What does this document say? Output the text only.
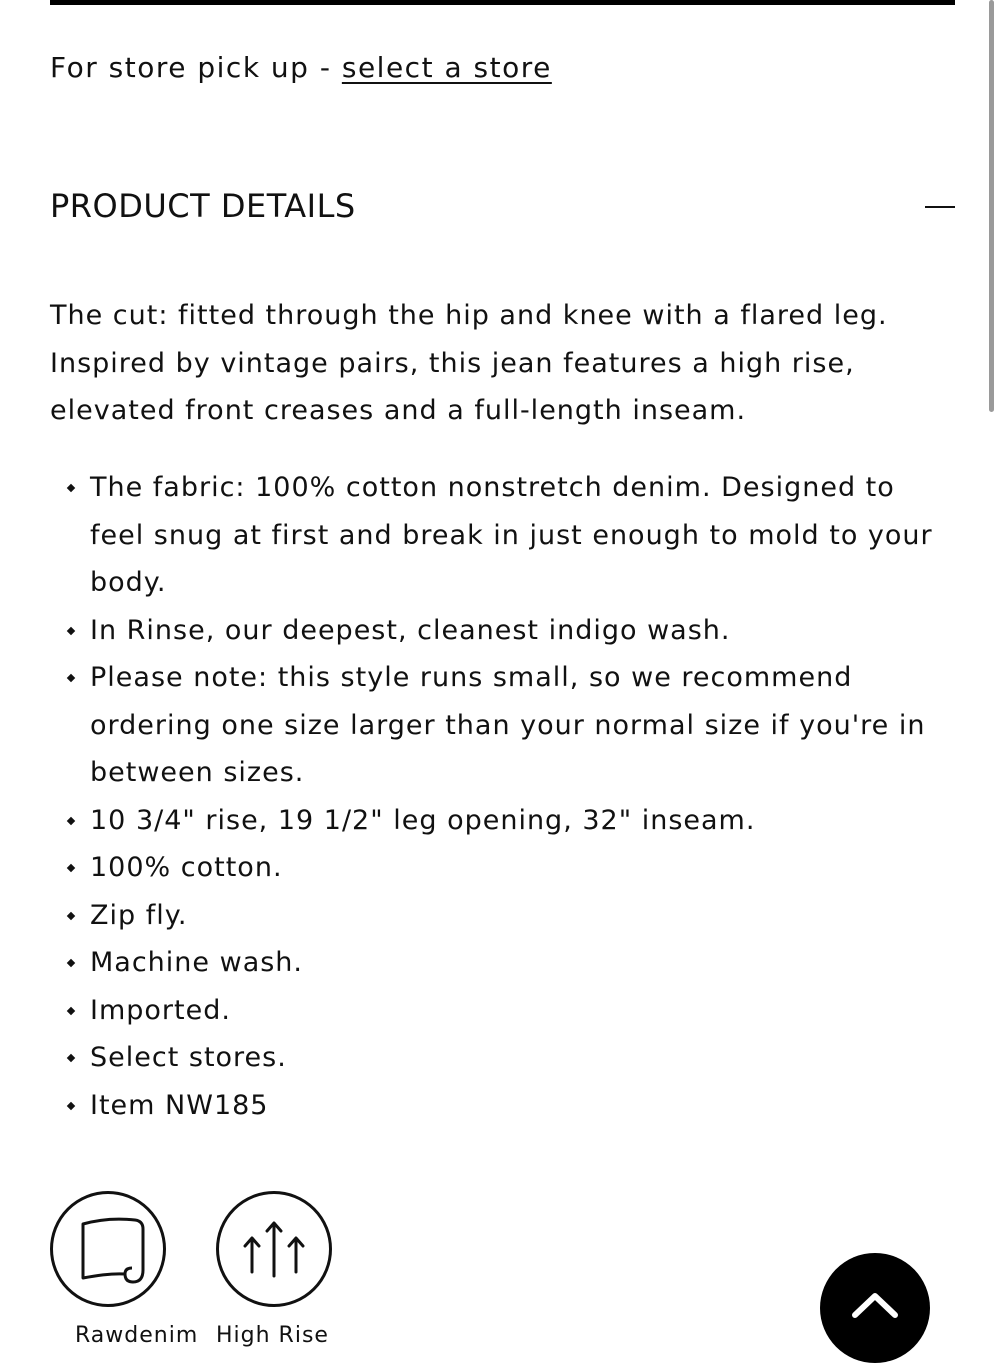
For store pick up - select a store
PRODUCT DETAILS

The cut: fitted through the hip and knee with a flared leg. Inspired by vintage pairs, this jean features a high rise, elevated front creases and a full-length inseam.

The fabric: 100% cotton nonstretch denim. Designed to feel snug at first and break in just enough to mold to your body.
In Rinse, our deepest, cleanest indigo wash.
Please note: this style runs small, so we recommend ordering one size larger than your normal size if you're in between sizes.
10 3/4" rise, 19 1/2" leg opening, 32" inseam.
100% cotton.
Zip fly.
Machine wash.
Imported.
Select stores.
Item NW185
Rawdenim High Rise
